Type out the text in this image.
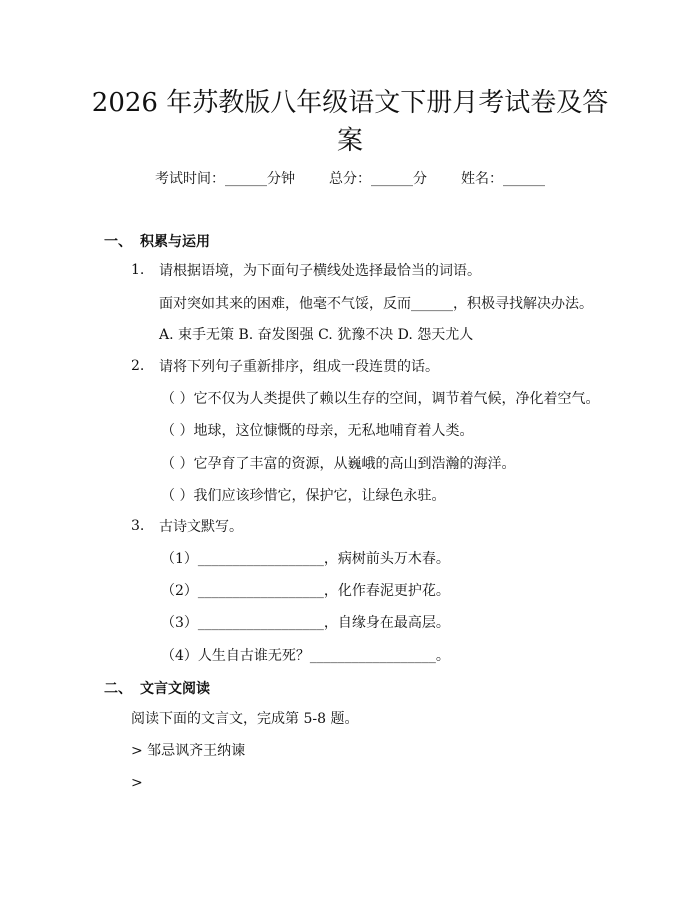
2026 年苏教版八年级语文下册月考试卷及答
案
考试时间：______分钟 总分：______分 姓名：______
一、 积累与运用
1. 请根据语境，为下面句子横线处选择最恰当的词语。
面对突如其来的困难，他毫不气馁，反而______，积极寻找解决办法。
A. 束手无策 B. 奋发图强 C. 犹豫不决 D. 怨天尤人
2. 请将下列句子重新排序，组成一段连贯的话。
（ ）它不仅为人类提供了赖以生存的空间，调节着气候，净化着空气。
（ ）地球，这位慷慨的母亲，无私地哺育着人类。
（ ）它孕育了丰富的资源，从巍峨的高山到浩瀚的海洋。
（ ）我们应该珍惜它，保护它，让绿色永驻。
3. 古诗文默写。
（1）__________________，病树前头万木春。
（2）__________________，化作春泥更护花。
（3）__________________，自缘身在最高层。
（4）人生自古谁无死？__________________。
二、 文言文阅读
阅读下面的文言文，完成第 5-8 题。
> 邹忌讽齐王纳谏
>
